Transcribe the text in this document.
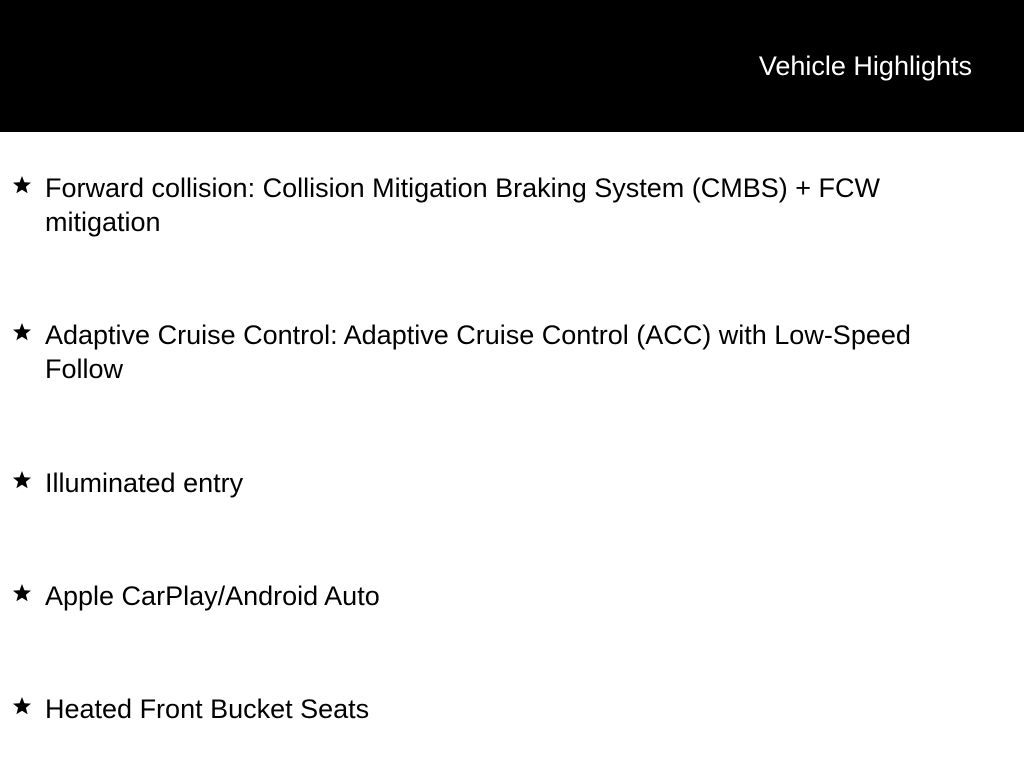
Vehicle Highlights
Forward collision: Collision Mitigation Braking System (CMBS) + FCW mitigation
Adaptive Cruise Control: Adaptive Cruise Control (ACC) with Low-Speed Follow
Illuminated entry
Apple CarPlay/Android Auto
Heated Front Bucket Seats
